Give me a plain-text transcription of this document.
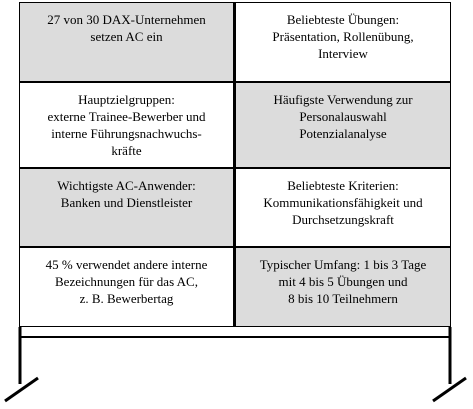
27 von 30 DAX-Unternehmen
setzen AC ein
Beliebteste Übungen:
Präsentation, Rollenübung,
Interview
Hauptzielgruppen:
externe Trainee-Bewerber und
interne Führungsnachwuchs-
kräfte
Häufigste Verwendung zur
Personalauswahl
Potenzialanalyse
Wichtigste AC-Anwender:
Banken und Dienstleister
Beliebteste Kriterien:
Kommunikationsfähigkeit und
Durchsetzungskraft
45 % verwendet andere interne
Bezeichnungen für das AC,
z. B. Bewerbertag
Typischer Umfang: 1 bis 3 Tage
mit 4 bis 5 Übungen und
8 bis 10 Teilnehmern
